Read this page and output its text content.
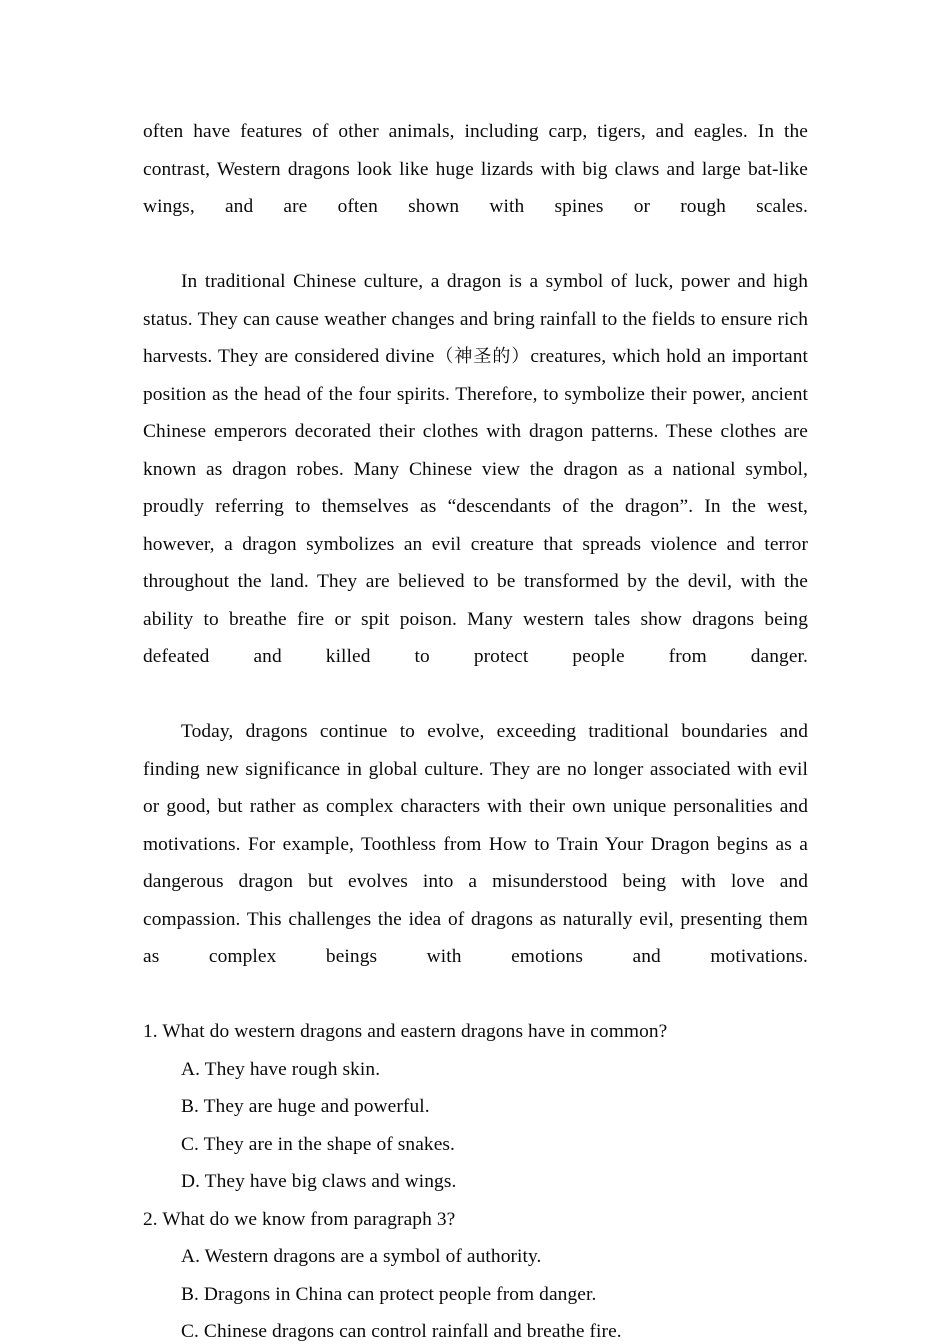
often have features of other animals, including carp, tigers, and eagles. In the contrast, Western dragons look like huge lizards with big claws and large bat-like wings, and are often shown with spines or rough scales.

In traditional Chinese culture, a dragon is a symbol of luck, power and high status. They can cause weather changes and bring rainfall to the fields to ensure rich harvests. They are considered divine（神圣的）creatures, which hold an important position as the head of the four spirits. Therefore, to symbolize their power, ancient Chinese emperors decorated their clothes with dragon patterns. These clothes are known as dragon robes. Many Chinese view the dragon as a national symbol, proudly referring to themselves as “descendants of the dragon”. In the west, however, a dragon symbolizes an evil creature that spreads violence and terror throughout the land. They are believed to be transformed by the devil, with the ability to breathe fire or spit poison. Many western tales show dragons being defeated and killed to protect people from danger.

Today, dragons continue to evolve, exceeding traditional boundaries and finding new significance in global culture. They are no longer associated with evil or good, but rather as complex characters with their own unique personalities and motivations. For example, Toothless from How to Train Your Dragon begins as a dangerous dragon but evolves into a misunderstood being with love and compassion. This challenges the idea of dragons as naturally evil, presenting them as complex beings with emotions and motivations.

1. What do western dragons and eastern dragons have in common?

A. They have rough skin.

B. They are huge and powerful.

C. They are in the shape of snakes.

D. They have big claws and wings.

2. What do we know from paragraph 3?

A. Western dragons are a symbol of authority.

B. Dragons in China can protect people from danger.

C. Chinese dragons can control rainfall and breathe fire.
